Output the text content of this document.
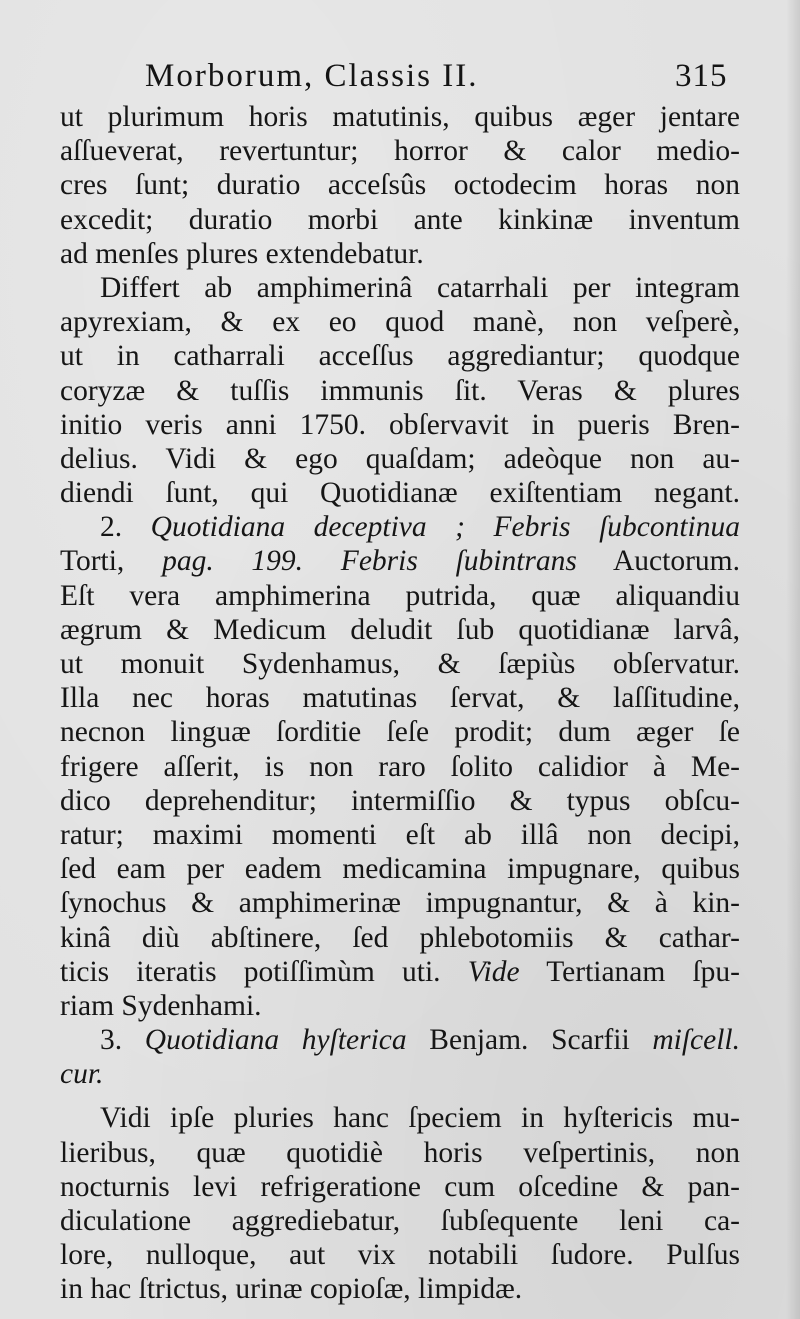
Morborum, Classis II.	315
ut plurimum horis matutinis, quibus æger jentare
aſſueverat, revertuntur; horror & calor medio-
cres ſunt; duratio acceſsûs octodecim horas non
excedit; duratio morbi ante kinkinæ inventum
ad menſes plures extendebatur.
Differt ab amphimerinâ catarrhali per integram
apyrexiam, & ex eo quod manè, non veſperè,
ut in catharrali acceſſus aggrediantur; quodque
coryzæ & tuſſis immunis ſit. Veras & plures
initio veris anni 1750. obſervavit in pueris Bren-
delius. Vidi & ego quaſdam; adeòque non au-
diendi ſunt, qui Quotidianæ exiſtentiam negant.
2. Quotidiana deceptiva ; Febris ſubcontinua
Torti, pag. 199. Febris ſubintrans Auctorum.
Eſt vera amphimerina putrida, quæ aliquandiu
ægrum & Medicum deludit ſub quotidianæ larvâ,
ut monuit Sydenhamus, & ſæpiùs obſervatur.
Illa nec horas matutinas ſervat, & laſſitudine,
necnon linguæ ſorditie ſeſe prodit; dum æger ſe
frigere aſſerit, is non raro ſolito calidior à Me-
dico deprehenditur; intermiſſio & typus obſcu-
ratur; maximi momenti eſt ab illâ non decipi,
ſed eam per eadem medicamina impugnare, quibus
ſynochus & amphimerinæ impugnantur, & à kin-
kinâ diù abſtinere, ſed phlebotomiis & cathar-
ticis iteratis potiſſimùm uti. Vide Tertianam ſpu-
riam Sydenhami.
3. Quotidiana hyſterica Benjam. Scarfii miſcell.
cur.
Vidi ipſe pluries hanc ſpeciem in hyſtericis mu-
lieribus, quæ quotidiè horis veſpertinis, non
nocturnis levi refrigeratione cum oſcedine & pan-
diculatione aggrediebatur, ſubſequente leni ca-
lore, nulloque, aut vix notabili ſudore. Pulſus
in hac ſtrictus, urinæ copioſæ, limpidæ.
